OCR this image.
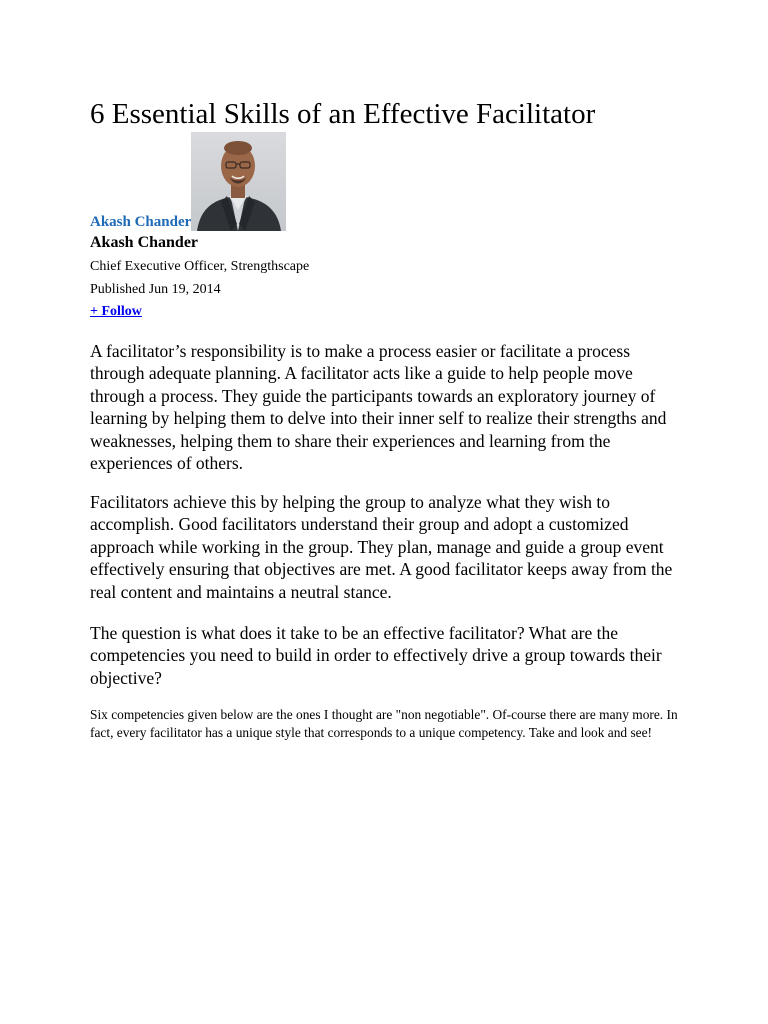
6 Essential Skills of an Effective Facilitator
Akash Chander

Akash Chander

Chief Executive Officer, Strengthscape

Published Jun 19, 2014

+ Follow

A facilitator’s responsibility is to make a process easier or facilitate a process through adequate planning. A facilitator acts like a guide to help people move through a process. They guide the participants towards an exploratory journey of learning by helping them to delve into their inner self to realize their strengths and weaknesses, helping them to share their experiences and learning from the experiences of others.

Facilitators achieve this by helping the group to analyze what they wish to accomplish. Good facilitators understand their group and adopt a customized approach while working in the group. They plan, manage and guide a group event effectively ensuring that objectives are met. A good facilitator keeps away from the real content and maintains a neutral stance.

The question is what does it take to be an effective facilitator? What are the competencies you need to build in order to effectively drive a group towards their objective?

Six competencies given below are the ones I thought are "non negotiable". Of-course there are many more. In fact, every facilitator has a unique style that corresponds to a unique competency. Take and look and see!
